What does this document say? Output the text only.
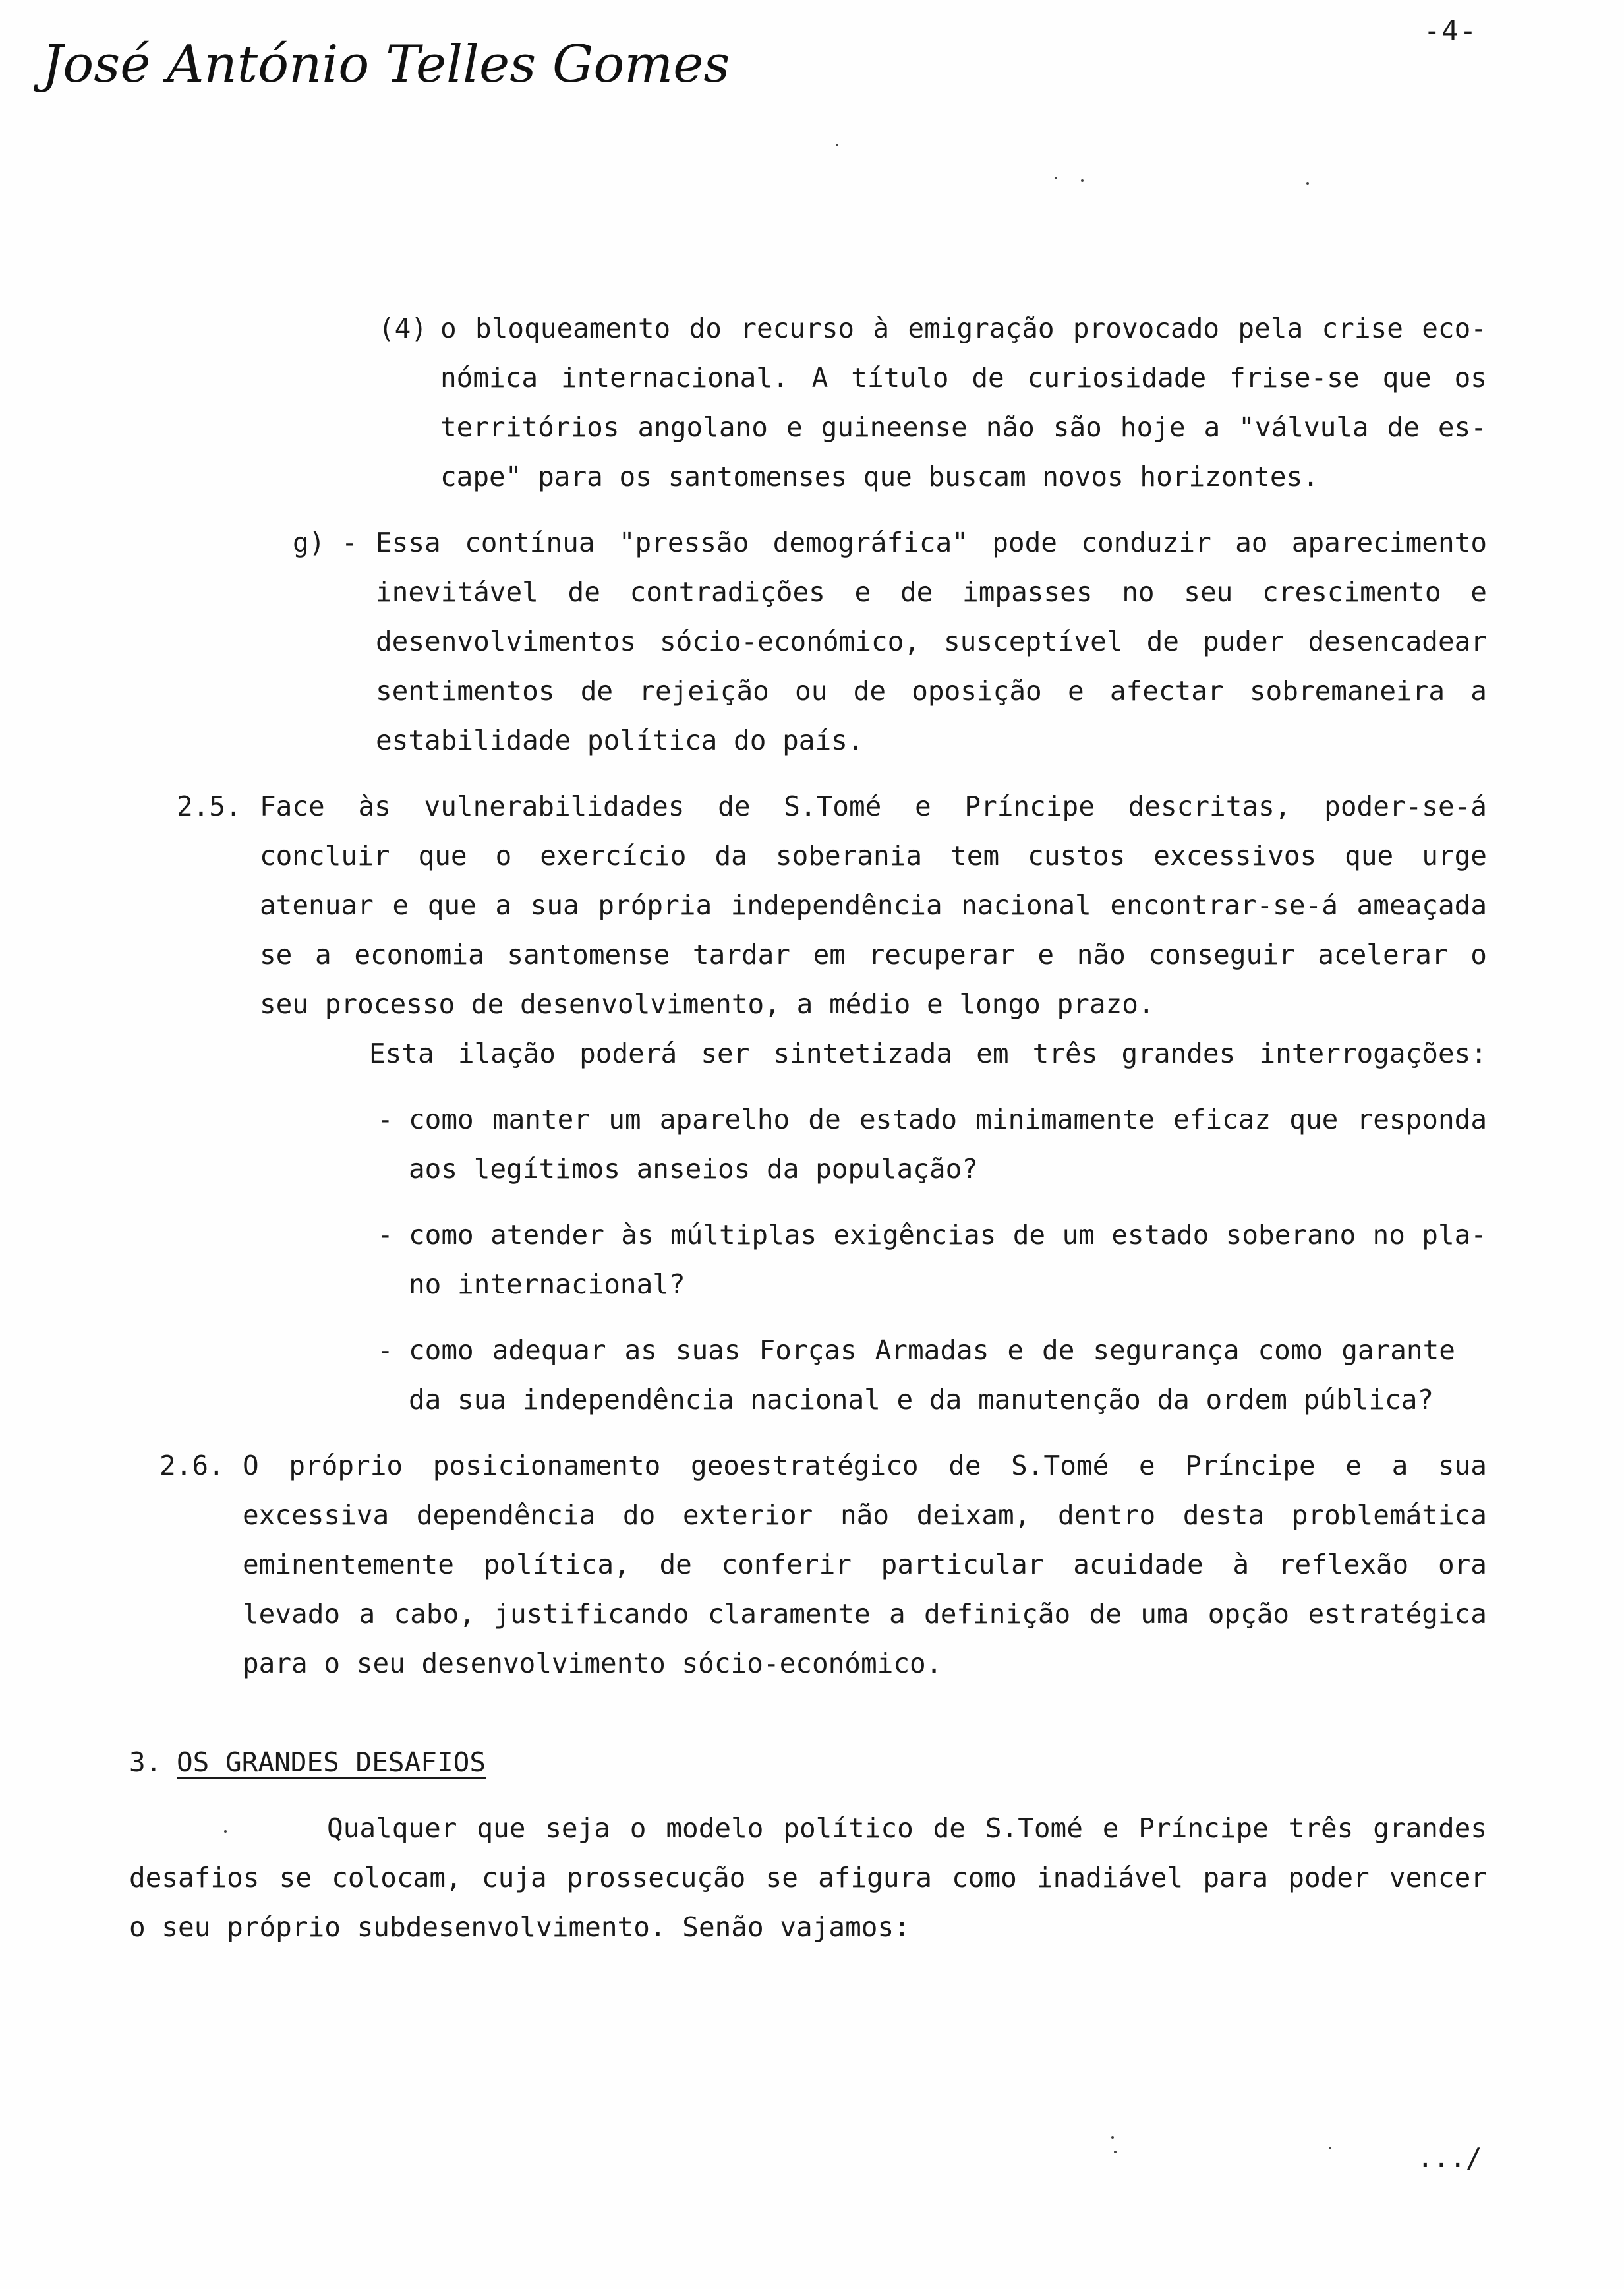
José António Telles Gomes
-4-
(4) o bloqueamento do recurso à emigração provocado pela crise eco-
nómica internacional. A título de curiosidade frise-se que os
territórios angolano e guineense não são hoje a "válvula de es-
cape" para os santomenses que buscam novos horizontes.
g) - Essa contínua "pressão demográfica" pode conduzir ao aparecimento
inevitável de contradições e de impasses no seu crescimento e
desenvolvimentos sócio-económico, susceptível de puder desencadear
sentimentos de rejeição ou de oposição e afectar sobremaneira a
estabilidade política do país.
2.5. Face às vulnerabilidades de S.Tomé e Príncipe descritas, poder-se-á
concluir que o exercício da soberania tem custos excessivos que urge
atenuar e que a sua própria independência nacional encontrar-se-á ameaçada
se a economia santomense tardar em recuperar e não conseguir acelerar o
seu processo de desenvolvimento, a médio e longo prazo.
Esta ilação poderá ser sintetizada em três grandes interrogações:
- como manter um aparelho de estado minimamente eficaz que responda
aos legítimos anseios da população?
- como atender às múltiplas exigências de um estado soberano no pla-
no internacional?
- como adequar as suas Forças Armadas e de segurança como garante
da sua independência nacional e da manutenção da ordem pública?
2.6. O próprio posicionamento geoestratégico de S.Tomé e Príncipe e a sua
excessiva dependência do exterior não deixam, dentro desta problemática
eminentemente política, de conferir particular acuidade à reflexão ora
levado a cabo, justificando claramente a definição de uma opção estratégica
para o seu desenvolvimento sócio-económico.
3. OS GRANDES DESAFIOS
Qualquer que seja o modelo político de S.Tomé e Príncipe três grandes
desafios se colocam, cuja prossecução se afigura como inadiável para poder vencer
o seu próprio subdesenvolvimento. Senão vajamos:
.../
